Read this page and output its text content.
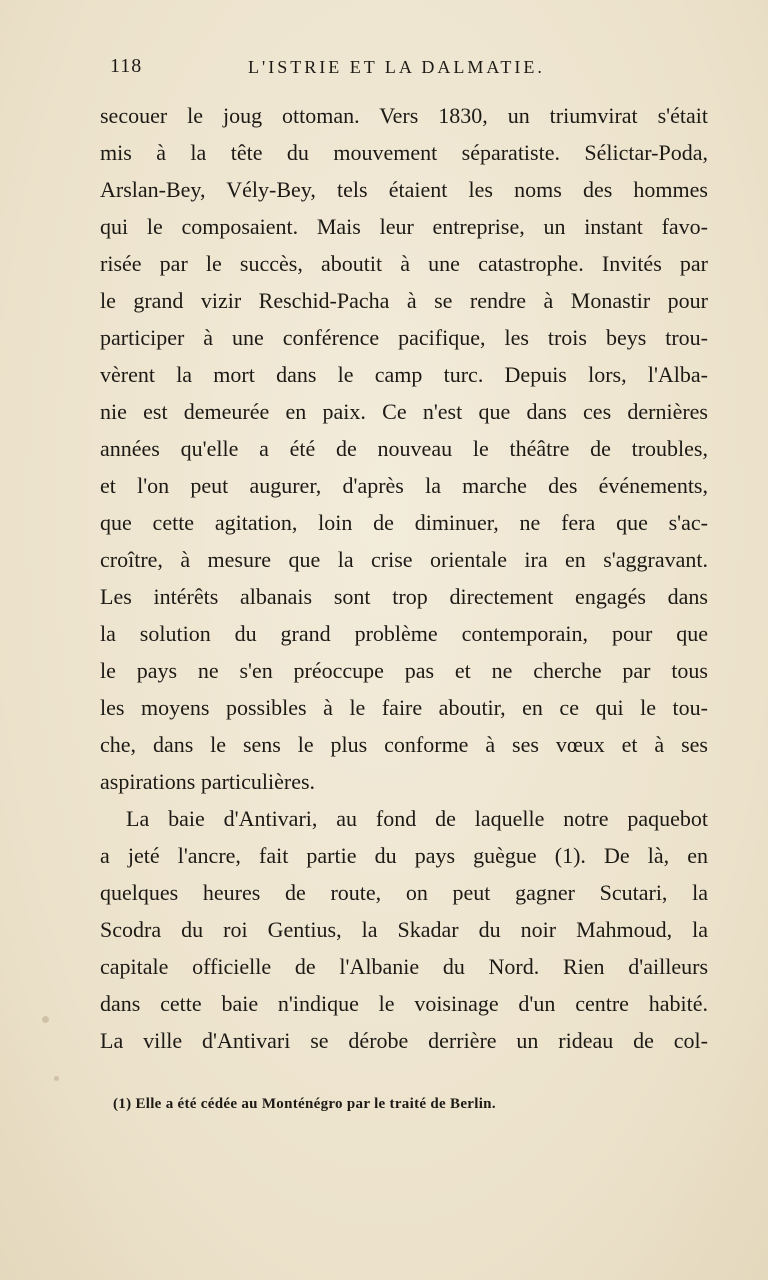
118	L'ISTRIE ET LA DALMATIE.
secouer le joug ottoman. Vers 1830, un triumvirat s'était
mis à la tête du mouvement séparatiste. Sélictar-Poda,
Arslan-Bey, Vély-Bey, tels étaient les noms des hommes
qui le composaient. Mais leur entreprise, un instant favo-
risée par le succès, aboutit à une catastrophe. Invités par
le grand vizir Reschid-Pacha à se rendre à Monastir pour
participer à une conférence pacifique, les trois beys trou-
vèrent la mort dans le camp turc. Depuis lors, l'Alba-
nie est demeurée en paix. Ce n'est que dans ces dernières
années qu'elle a été de nouveau le théâtre de troubles,
et l'on peut augurer, d'après la marche des événements,
que cette agitation, loin de diminuer, ne fera que s'ac-
croître, à mesure que la crise orientale ira en s'aggravant.
Les intérêts albanais sont trop directement engagés dans
la solution du grand problème contemporain, pour que
le pays ne s'en préoccupe pas et ne cherche par tous
les moyens possibles à le faire aboutir, en ce qui le tou-
che, dans le sens le plus conforme à ses vœux et à ses
aspirations particulières.
La baie d'Antivari, au fond de laquelle notre paquebot
a jeté l'ancre, fait partie du pays guègue (1). De là, en
quelques heures de route, on peut gagner Scutari, la
Scodra du roi Gentius, la Skadar du noir Mahmoud, la
capitale officielle de l'Albanie du Nord. Rien d'ailleurs
dans cette baie n'indique le voisinage d'un centre habité.
La ville d'Antivari se dérobe derrière un rideau de col-
(1) Elle a été cédée au Monténégro par le traité de Berlin.
